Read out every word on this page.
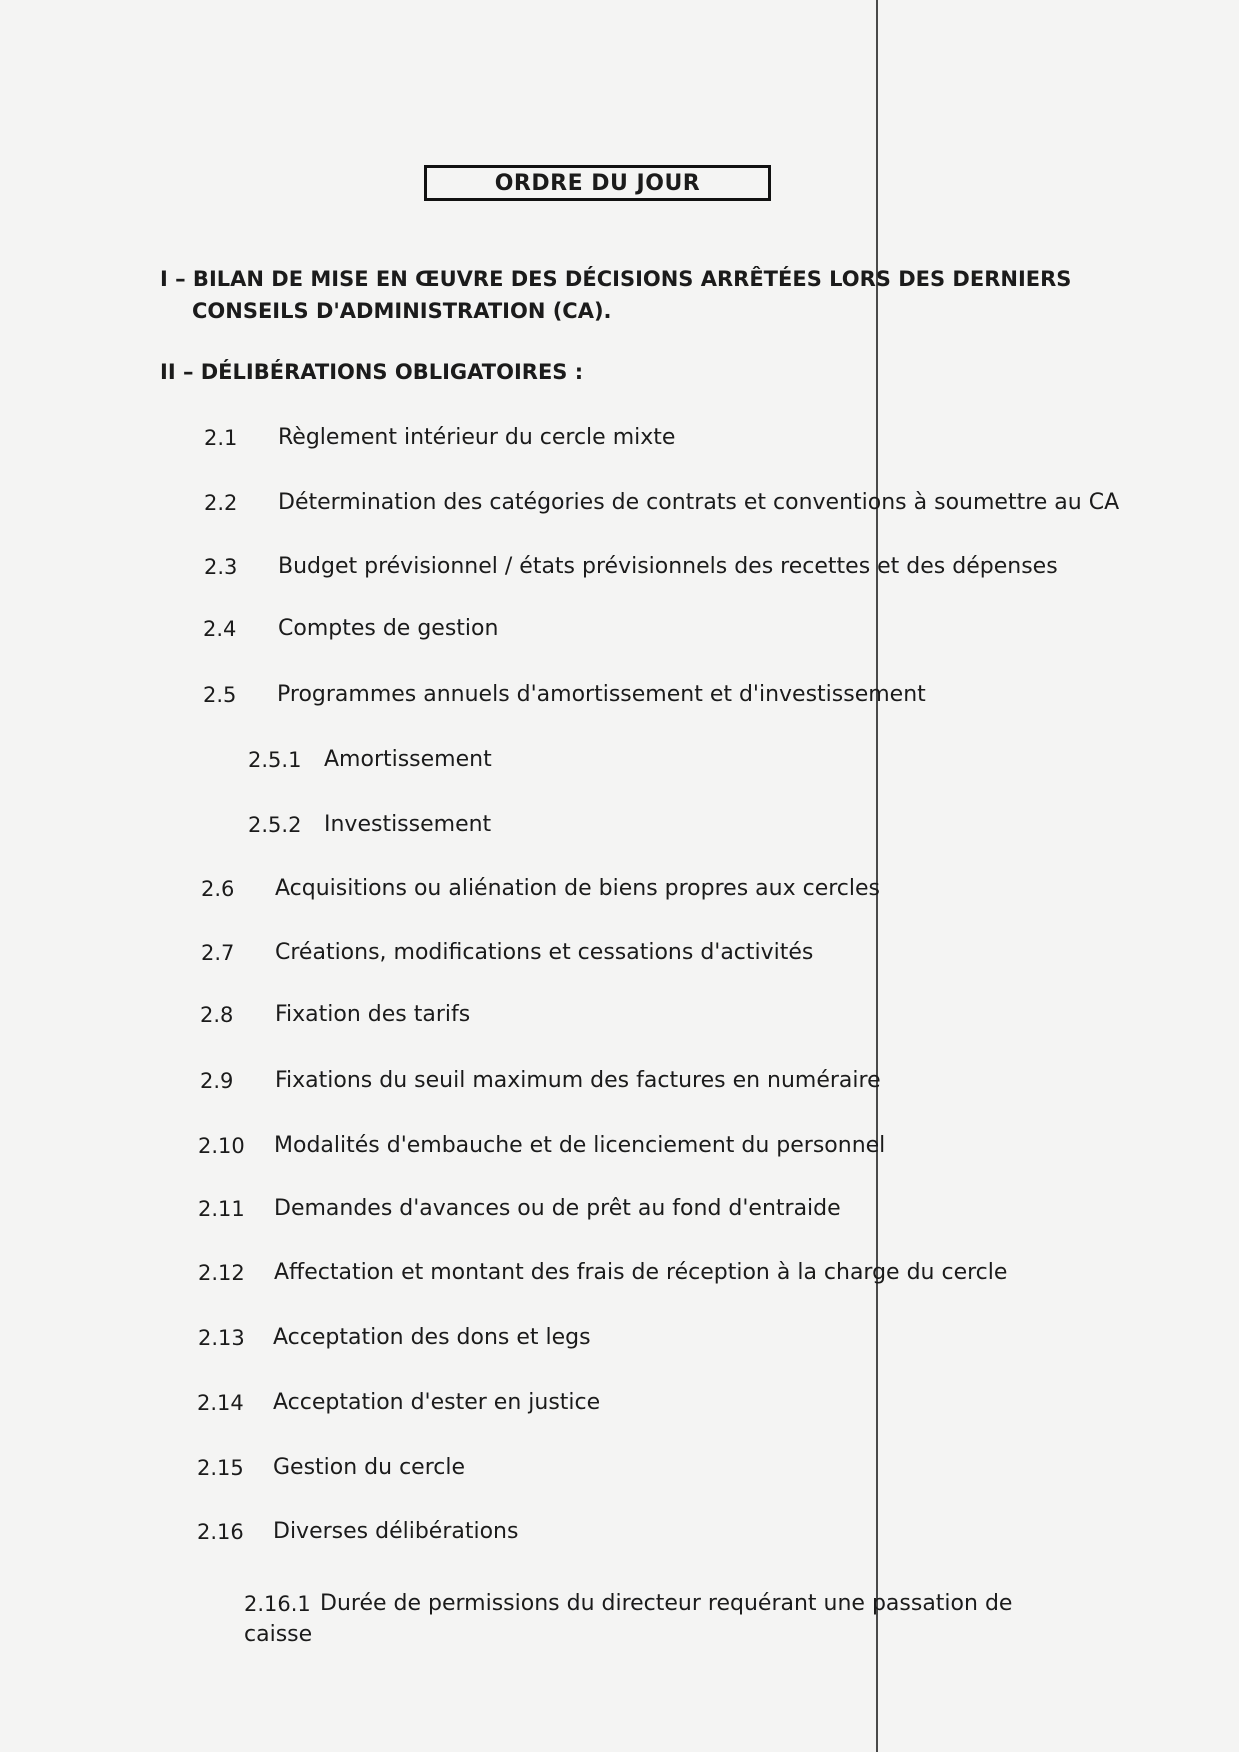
ORDRE DU JOUR
I – BILAN DE MISE EN ŒUVRE DES DÉCISIONS ARRÊTÉES LORS DES DERNIERS
CONSEILS D'ADMINISTRATION (CA).
II – DÉLIBÉRATIONS OBLIGATOIRES :
2.1 Règlement intérieur du cercle mixte
2.2 Détermination des catégories de contrats et conventions à soumettre au CA
2.3 Budget prévisionnel / états prévisionnels des recettes et des dépenses
2.4 Comptes de gestion
2.5 Programmes annuels d'amortissement et d'investissement
2.5.1 Amortissement
2.5.2 Investissement
2.6 Acquisitions ou aliénation de biens propres aux cercles
2.7 Créations, modifications et cessations d'activités
2.8 Fixation des tarifs
2.9 Fixations du seuil maximum des factures en numéraire
2.10 Modalités d'embauche et de licenciement du personnel
2.11 Demandes d'avances ou de prêt au fond d'entraide
2.12 Affectation et montant des frais de réception à la charge du cercle
2.13 Acceptation des dons et legs
2.14 Acceptation d'ester en justice
2.15 Gestion du cercle
2.16 Diverses délibérations
2.16.1 Durée de permissions du directeur requérant une passation de
caisse
